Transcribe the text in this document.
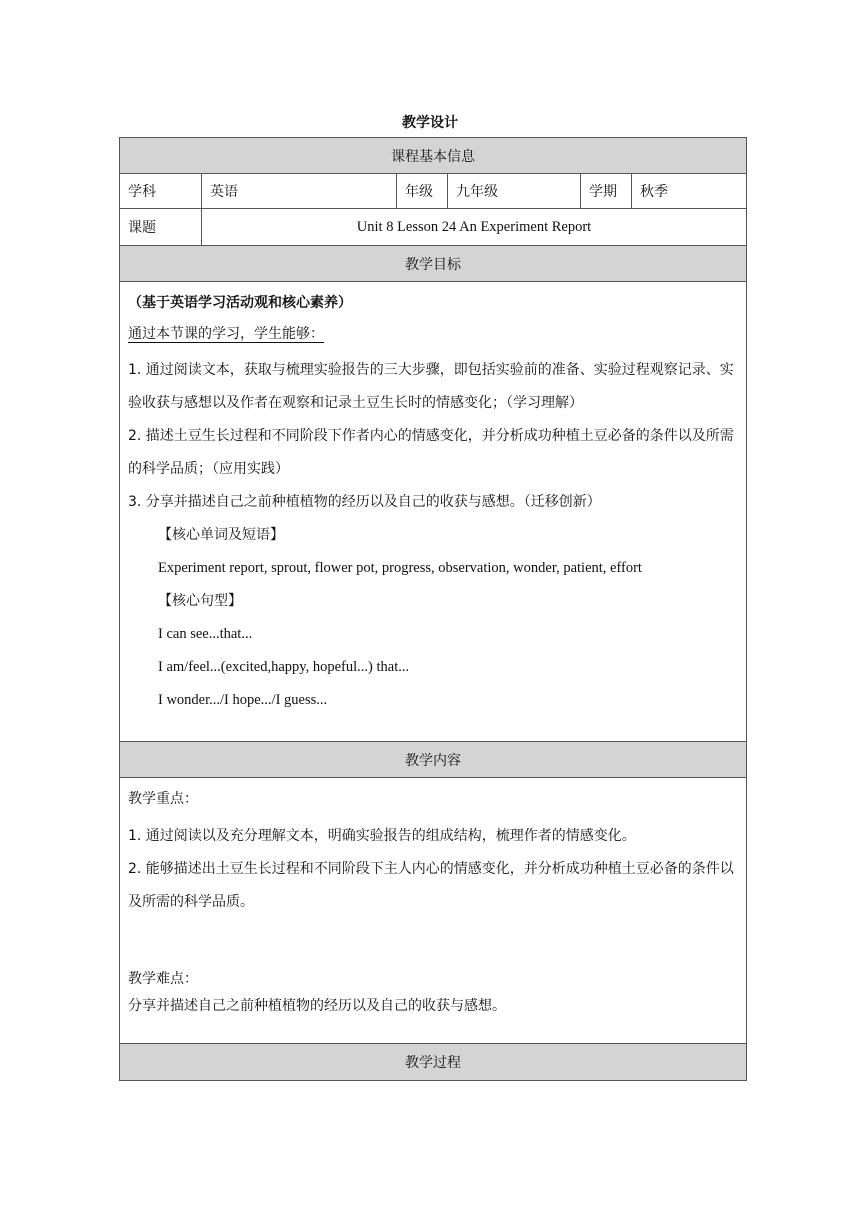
教学设计
课程基本信息
学科	英语	年级	九年级	学期	秋季
课题	Unit 8 Lesson 24 An Experiment Report
教学目标
（基于英语学习活动观和核心素养）
通过本节课的学习，学生能够：
1. 通过阅读文本，获取与梳理实验报告的三大步骤，即包括实验前的准备、实验过程观察记录、实验收获与感想以及作者在观察和记录土豆生长时的情感变化；（学习理解）
2. 描述土豆生长过程和不同阶段下作者内心的情感变化，并分析成功种植土豆必备的条件以及所需的科学品质；（应用实践）
3. 分享并描述自己之前种植植物的经历以及自己的收获与感想。（迁移创新）
【核心单词及短语】
Experiment report, sprout, flower pot, progress, observation, wonder, patient, effort
【核心句型】
I can see...that...
I am/feel...(excited,happy, hopeful...) that...
I wonder.../I hope.../I guess...
教学内容
教学重点：
1. 通过阅读以及充分理解文本，明确实验报告的组成结构，梳理作者的情感变化。
2. 能够描述出土豆生长过程和不同阶段下主人内心的情感变化，并分析成功种植土豆必备的条件以及所需的科学品质。
教学难点：
分享并描述自己之前种植植物的经历以及自己的收获与感想。
教学过程
